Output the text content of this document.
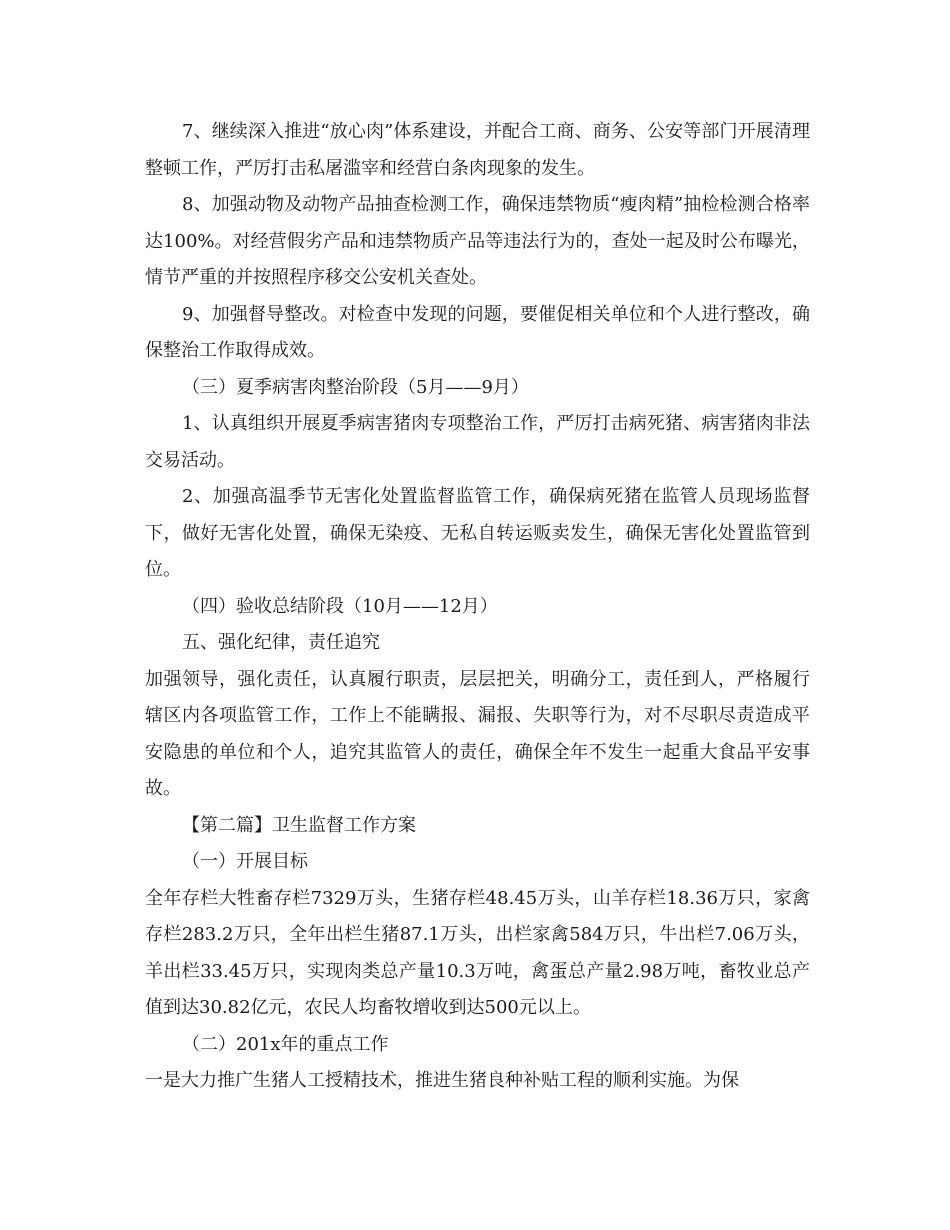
7、继续深入推进“放心肉”体系建设，并配合工商、商务、公安等部门开展清理整顿工作，严厉打击私屠滥宰和经营白条肉现象的发生。

8、加强动物及动物产品抽查检测工作，确保违禁物质“瘦肉精”抽检检测合格率达100%。对经营假劣产品和违禁物质产品等违法行为的，查处一起及时公布曝光，情节严重的并按照程序移交公安机关查处。

9、加强督导整改。对检查中发现的问题，要催促相关单位和个人进行整改，确保整治工作取得成效。

（三）夏季病害肉整治阶段（5月——9月）

1、认真组织开展夏季病害猪肉专项整治工作，严厉打击病死猪、病害猪肉非法交易活动。

2、加强高温季节无害化处置监督监管工作，确保病死猪在监管人员现场监督下，做好无害化处置，确保无染疫、无私自转运贩卖发生，确保无害化处置监管到位。

（四）验收总结阶段（10月——12月）

五、强化纪律，责任追究

加强领导，强化责任，认真履行职责，层层把关，明确分工，责任到人，严格履行辖区内各项监管工作，工作上不能瞒报、漏报、失职等行为，对不尽职尽责造成平安隐患的单位和个人，追究其监管人的责任，确保全年不发生一起重大食品平安事故。

【第二篇】卫生监督工作方案

（一）开展目标

全年存栏大牲畜存栏7329万头，生猪存栏48.45万头，山羊存栏18.36万只，家禽存栏283.2万只，全年出栏生猪87.1万头，出栏家禽584万只，牛出栏7.06万头，羊出栏33.45万只，实现肉类总产量10.3万吨，禽蛋总产量2.98万吨，畜牧业总产值到达30.82亿元，农民人均畜牧增收到达500元以上。

（二）201x年的重点工作

一是大力推广生猪人工授精技术，推进生猪良种补贴工程的顺利实施。为保
